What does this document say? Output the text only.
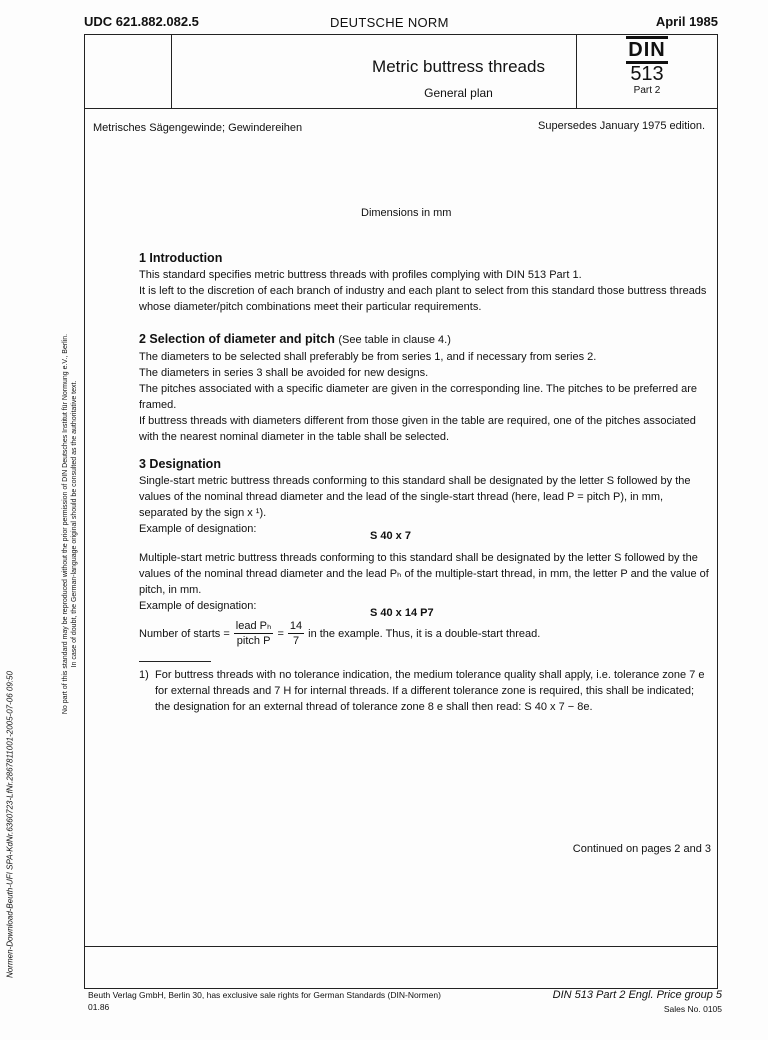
UDC 621.882.082.5	DEUTSCHE NORM	April 1985
Metric buttress threads
General plan
DIN
513
Part 2
Metrisches Sägengewinde; Gewindereihen	Supersedes January 1975 edition.
Dimensions in mm
1 Introduction

This standard specifies metric buttress threads with profiles complying with DIN 513 Part 1.

It is left to the discretion of each branch of industry and each plant to select from this standard those buttress threads whose diameter/pitch combinations meet their particular requirements.

2 Selection of diameter and pitch (See table in clause 4.)

The diameters to be selected shall preferably be from series 1, and if necessary from series 2.

The diameters in series 3 shall be avoided for new designs.

The pitches associated with a specific diameter are given in the corresponding line. The pitches to be preferred are framed.

If buttress threads with diameters different from those given in the table are required, one of the pitches associated with the nearest nominal diameter in the table shall be selected.

3 Designation

Single-start metric buttress threads conforming to this standard shall be designated by the letter S followed by the values of the nominal thread diameter and the lead of the single-start thread (here, lead P = pitch P), in mm, separated by the sign x ¹).

Example of designation:
S 40 x 7

Multiple-start metric buttress threads conforming to this standard shall be designated by the letter S followed by the values of the nominal thread diameter and the lead Pₕ of the multiple-start thread, in mm, the letter P and the value of pitch, in mm.

Example of designation:
S 40 x 14 P7
Number of starts = $\frac{\text{lead Pₕ}}{\text{pitch P}} = \frac{14}{7}$ in the example. Thus, it is a double-start thread.
1) For buttress threads with no tolerance indication, the medium tolerance quality shall apply, i.e. tolerance zone 7 e for external threads and 7 H for internal threads. If a different tolerance zone is required, this shall be indicated; the designation for an external thread of tolerance zone 8 e shall then read: S 40 x 7 − 8e.
Continued on pages 2 and 3
Beuth Verlag GmbH, Berlin 30, has exclusive sale rights for German Standards (DIN-Normen)
01.86
DIN 513 Part 2 Engl. Price group 5
Sales No. 0105
No part of this standard may be reproduced without the prior permission of DIN Deutsches Institut für Normung e.V., Berlin. In case of doubt, the German-language original should be consulted as the authoritative text.
Normen-Download-Beuth-UFI SPA-KdNr.6360723-LfNr.2867811001-2005-07-06 09:50
